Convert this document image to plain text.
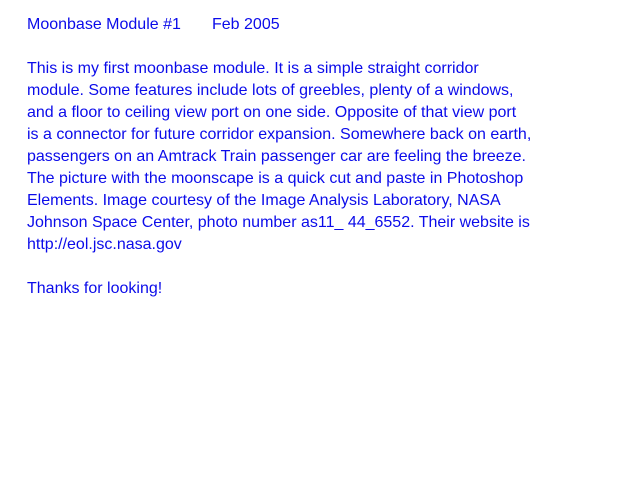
Moonbase Module #1       Feb 2005
This is my first moonbase module. It is a simple straight corridor
module. Some features include lots of greebles, plenty of a windows,
and a floor to ceiling view port on one side. Opposite of that view port
is a connector for future corridor expansion. Somewhere back on earth,
passengers on an Amtrack Train passenger car are feeling the breeze.
The picture with the moonscape is a quick cut and paste in Photoshop
Elements. Image courtesy of the Image Analysis Laboratory, NASA
Johnson Space Center, photo number as11_ 44_6552. Their website is
http://eol.jsc.nasa.gov
Thanks for looking!
